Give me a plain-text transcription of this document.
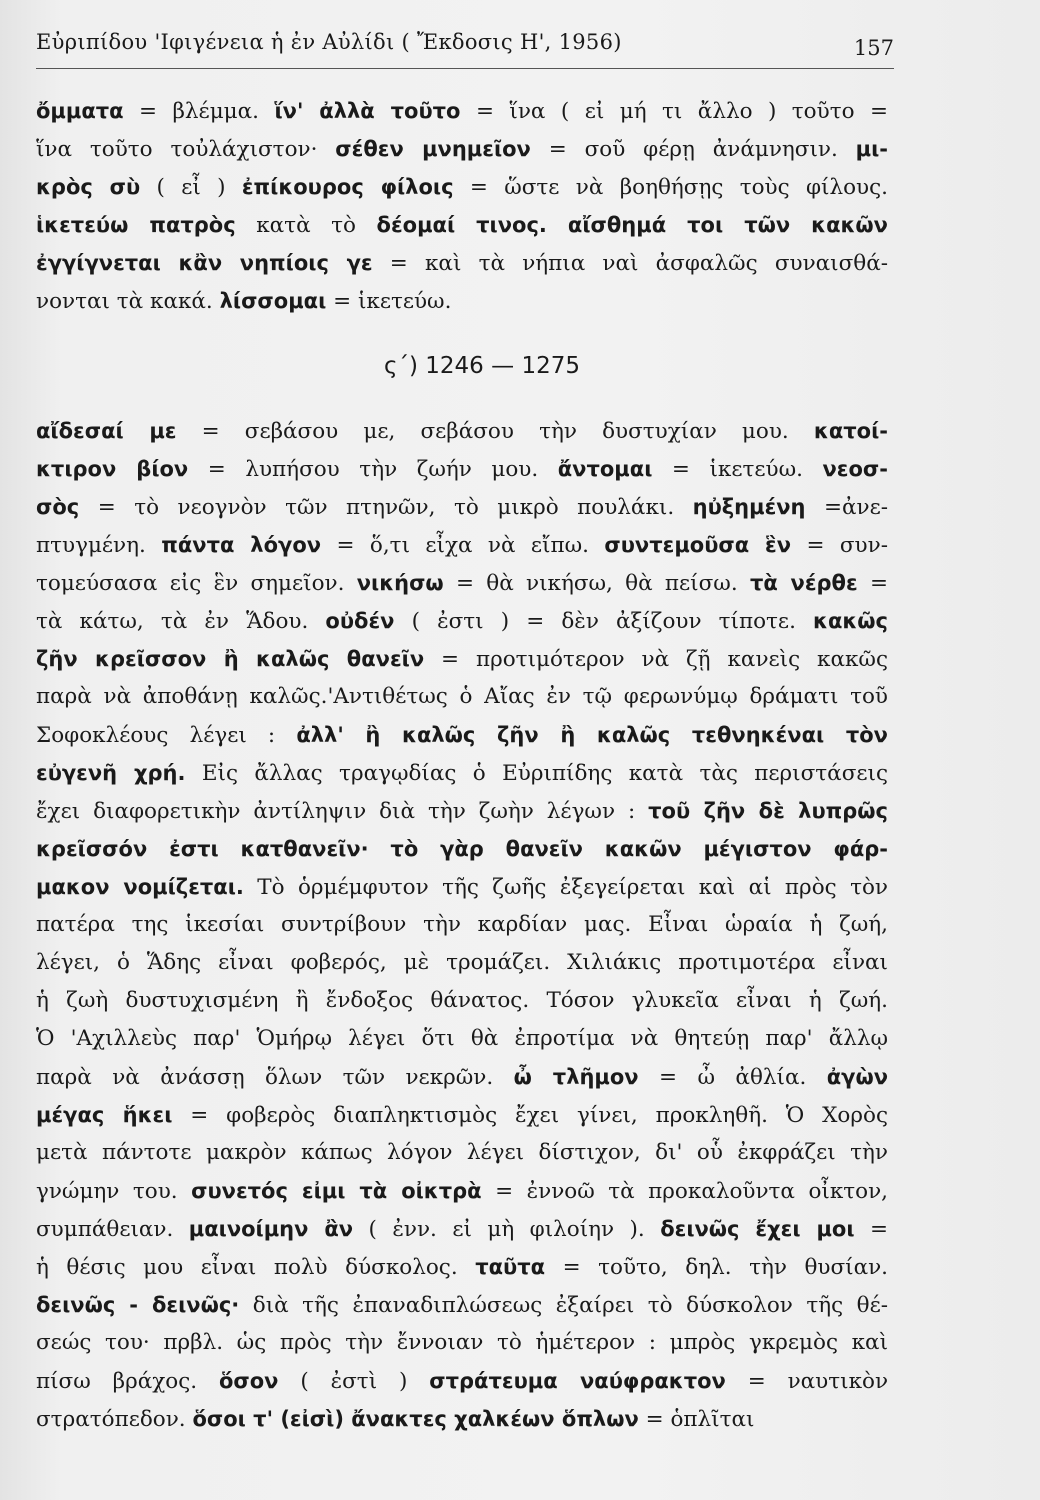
Εὐριπίδου 'Ιφιγένεια ἡ ἐν Αὐλίδι ( Ἔκδοσις Η', 1956)	157
ὄμματα = βλέμμα. ἵν' ἀλλὰ τοῦτο = ἵνα ( εἰ μή τι ἄλλο ) τοῦτο =
ἵνα τοῦτο τοὐλάχιστον· σέθεν μνημεῖον = σοῦ φέρῃ ἀνάμνησιν. μι-
κρὸς σὺ ( εἶ ) ἐπίκουρος φίλοις = ὥστε νὰ βοηθήσῃς τοὺς φίλους.
ἱκετεύω πατρὸς κατὰ τὸ δέομαί τινος. αἴσθημά τοι τῶν κακῶν
ἐγγίγνεται κἂν νηπίοις γε = καὶ τὰ νήπια ναὶ ἀσφαλῶς συναισθά-
νονται τὰ κακά. λίσσομαι = ἱκετεύω.
ς΄) 1246 — 1275
αἴδεσαί με = σεβάσου με, σεβάσου τὴν δυστυχίαν μου. κατοί-
κτιρον βίον = λυπήσου τὴν ζωήν μου. ἄντομαι = ἱκετεύω. νεοσ-
σὸς = τὸ νεογνὸν τῶν πτηνῶν, τὸ μικρὸ πουλάκι. ηὐξημένη =ἀνε-
πτυγμένη. πάντα λόγον = ὅ,τι εἶχα νὰ εἴπω. συντεμοῦσα ἓν = συν-
τομεύσασα εἰς ἓν σημεῖον. νικήσω = θὰ νικήσω, θὰ πείσω. τὰ νέρθε =
τὰ κάτω, τὰ ἐν Ἅδου. οὐδέν ( ἐστι ) = δὲν ἀξίζουν τίποτε. κακῶς
ζῆν κρεῖσσον ἢ καλῶς θανεῖν = προτιμότερον νὰ ζῇ κανεὶς κακῶς
παρὰ νὰ ἀποθάνῃ καλῶς.'Αντιθέτως ὁ Αἴας ἐν τῷ φερωνύμῳ δράματι τοῦ
Σοφοκλέους λέγει : ἀλλ' ἢ καλῶς ζῆν ἢ καλῶς τεθνηκέναι τὸν
εὐγενῆ χρή. Εἰς ἄλλας τραγῳδίας ὁ Εὐριπίδης κατὰ τὰς περιστάσεις
ἔχει διαφορετικὴν ἀντίληψιν διὰ τὴν ζωὴν λέγων : τοῦ ζῆν δὲ λυπρῶς
κρεῖσσόν ἐστι κατθανεῖν· τὸ γὰρ θανεῖν κακῶν μέγιστον φάρ-
μακον νομίζεται. Τὸ ὁρμέμφυτον τῆς ζωῆς ἐξεγείρεται καὶ αἱ πρὸς τὸν
πατέρα της ἱκεσίαι συντρίβουν τὴν καρδίαν μας. Εἶναι ὡραία ἡ ζωή,
λέγει, ὁ Ἅδης εἶναι φοβερός, μὲ τρομάζει. Χιλιάκις προτιμοτέρα εἶναι
ἡ ζωὴ δυστυχισμένη ἢ ἔνδοξος θάνατος. Τόσον γλυκεῖα εἶναι ἡ ζωή.
Ὁ 'Αχιλλεὺς παρ' Ὁμήρῳ λέγει ὅτι θὰ ἐπροτίμα νὰ θητεύῃ παρ' ἄλλῳ
παρὰ νὰ ἀνάσσῃ ὅλων τῶν νεκρῶν. ὦ τλῆμον = ὦ ἀθλία. ἀγὼν
μέγας ἥκει = φοβερὸς διαπληκτισμὸς ἔχει γίνει, προκληθῆ. Ὁ Χορὸς
μετὰ πάντοτε μακρὸν κάπως λόγον λέγει δίστιχον, δι' οὗ ἐκφράζει τὴν
γνώμην του. συνετός εἰμι τὰ οἰκτρὰ = ἐννοῶ τὰ προκαλοῦντα οἶκτον,
συμπάθειαν. μαινοίμην ἂν ( ἐνν. εἰ μὴ φιλοίην ). δεινῶς ἔχει μοι =
ἡ θέσις μου εἶναι πολὺ δύσκολος. ταῦτα = τοῦτο, δηλ. τὴν θυσίαν.
δεινῶς - δεινῶς· διὰ τῆς ἐπαναδιπλώσεως ἐξαίρει τὸ δύσκολον τῆς θέ-
σεώς του· πρβλ. ὡς πρὸς τὴν ἔννοιαν τὸ ἡμέτερον : μπρὸς γκρεμὸς καὶ
πίσω βράχος. ὅσον ( ἐστὶ ) στράτευμα ναύφρακτον = ναυτικὸν
στρατόπεδον. ὅσοι τ' (εἰσὶ) ἄνακτες χαλκέων ὅπλων = ὁπλῖται
